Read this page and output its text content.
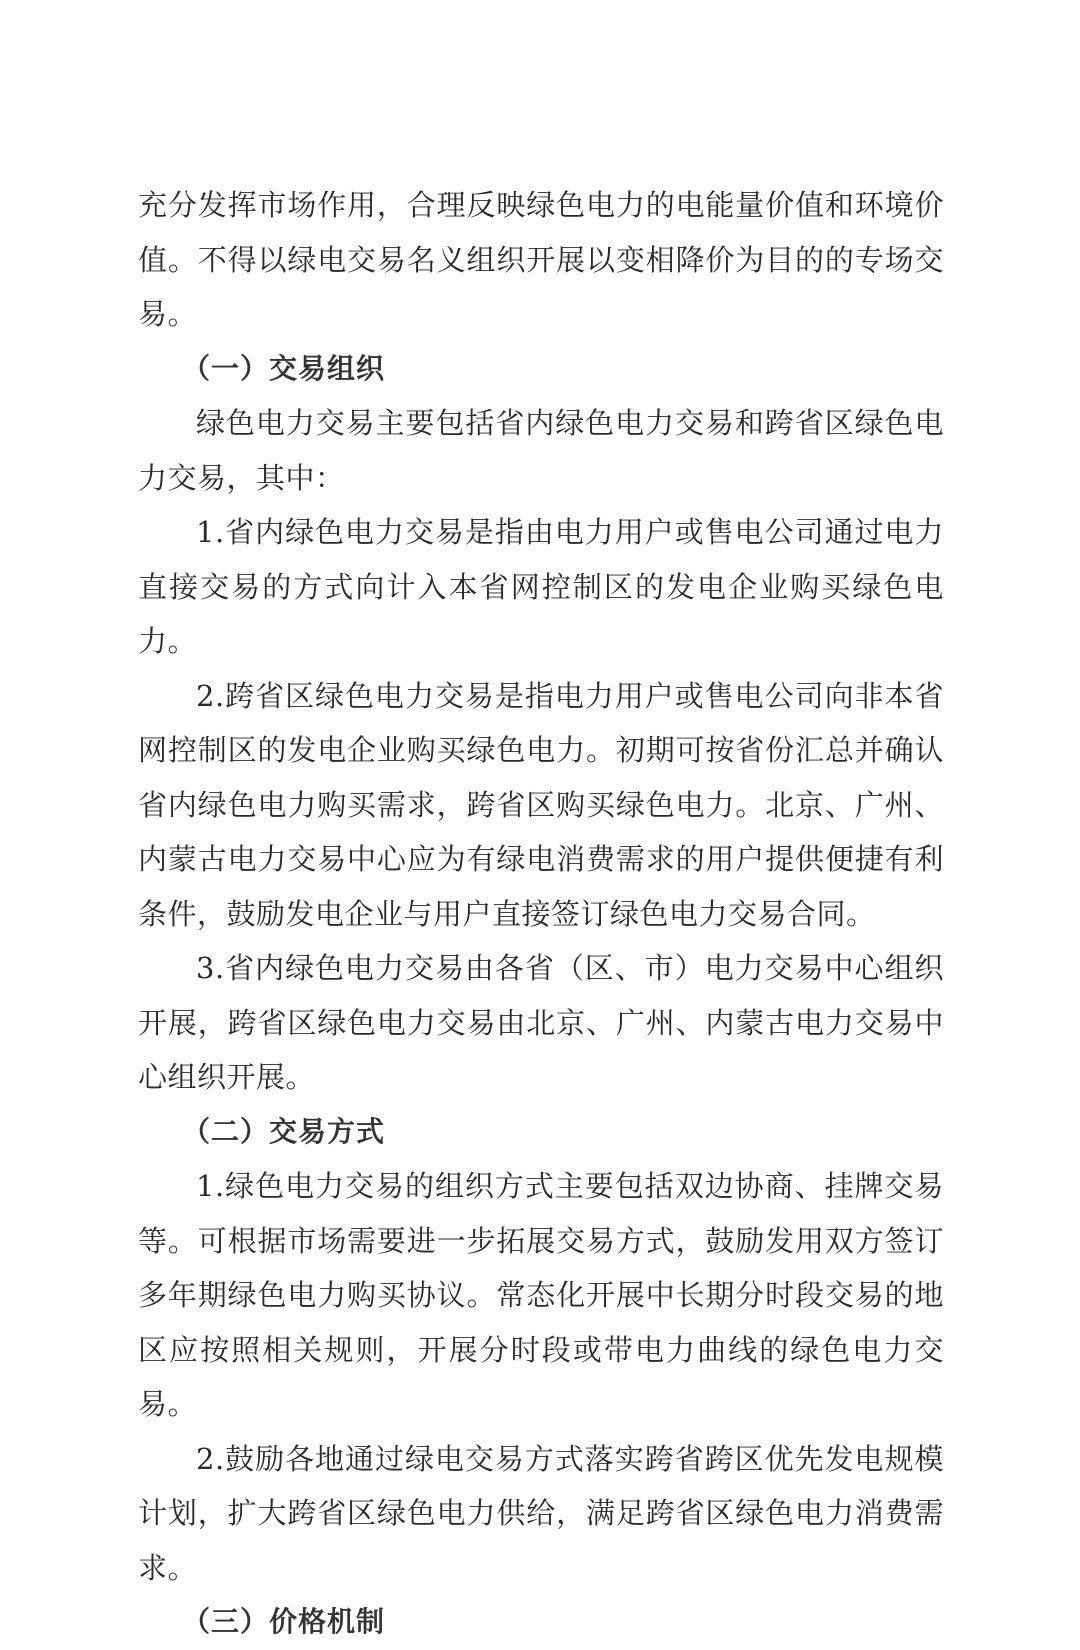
充分发挥市场作用，合理反映绿色电力的电能量价值和环境价值。不得以绿电交易名义组织开展以变相降价为目的的专场交易。

（一）交易组织

绿色电力交易主要包括省内绿色电力交易和跨省区绿色电力交易，其中：

1.省内绿色电力交易是指由电力用户或售电公司通过电力直接交易的方式向计入本省网控制区的发电企业购买绿色电力。

2.跨省区绿色电力交易是指电力用户或售电公司向非本省网控制区的发电企业购买绿色电力。初期可按省份汇总并确认省内绿色电力购买需求，跨省区购买绿色电力。北京、广州、内蒙古电力交易中心应为有绿电消费需求的用户提供便捷有利条件，鼓励发电企业与用户直接签订绿色电力交易合同。

3.省内绿色电力交易由各省（区、市）电力交易中心组织开展，跨省区绿色电力交易由北京、广州、内蒙古电力交易中心组织开展。

（二）交易方式

1.绿色电力交易的组织方式主要包括双边协商、挂牌交易等。可根据市场需要进一步拓展交易方式，鼓励发用双方签订多年期绿色电力购买协议。常态化开展中长期分时段交易的地区应按照相关规则，开展分时段或带电力曲线的绿色电力交易。

2.鼓励各地通过绿电交易方式落实跨省跨区优先发电规模计划，扩大跨省区绿色电力供给，满足跨省区绿色电力消费需求。

（三）价格机制
